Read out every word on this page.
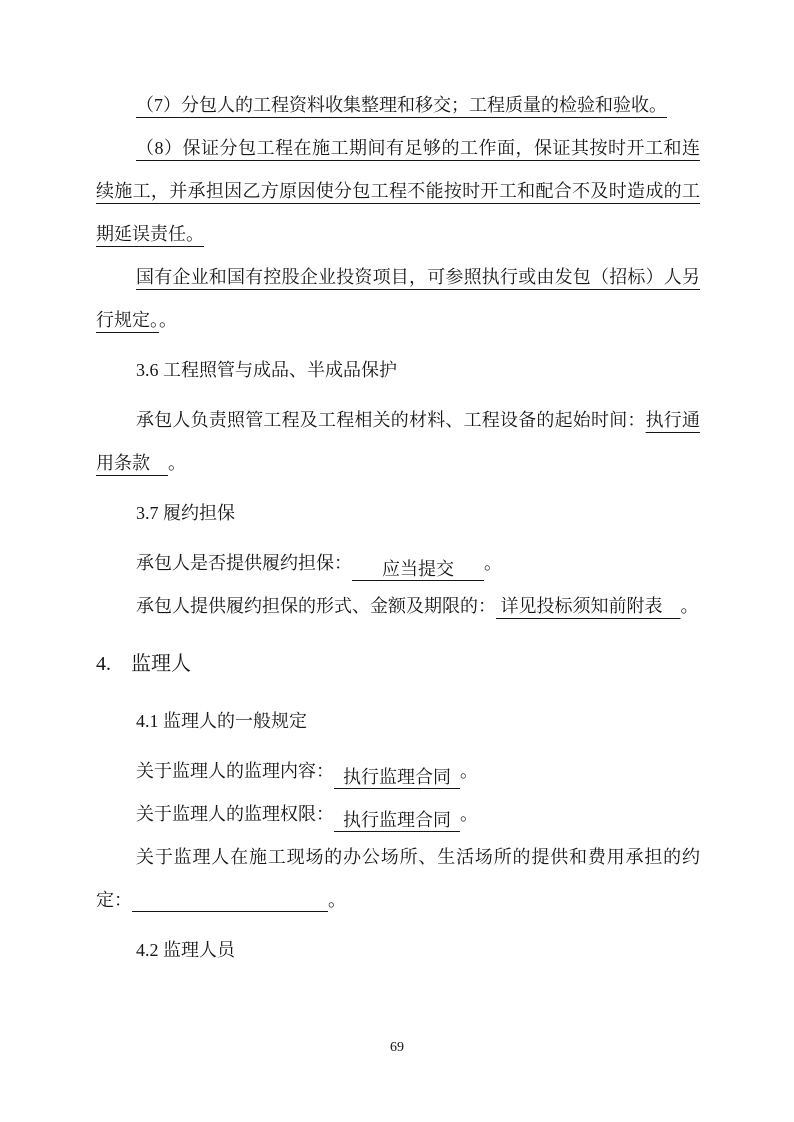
（7）分包人的工程资料收集整理和移交；工程质量的检验和验收。

（8）保证分包工程在施工期间有足够的工作面，保证其按时开工和连续施工，并承担因乙方原因使分包工程不能按时开工和配合不及时造成的工期延误责任。

国有企业和国有控股企业投资项目，可参照执行或由发包（招标）人另行规定。。

3.6 工程照管与成品、半成品保护

承包人负责照管工程及工程相关的材料、工程设备的起始时间：执行通用条款　。

3.7 履约担保

承包人是否提供履约担保： 应当提交 。

承包人提供履约担保的形式、金额及期限的： 详见投标须知前附表　。

4.　监理人

4.1 监理人的一般规定

关于监理人的监理内容： 执行监理合同 。

关于监理人的监理权限： 执行监理合同 。

关于监理人在施工现场的办公场所、生活场所的提供和费用承担的约定：	。

4.2 监理人员

69
